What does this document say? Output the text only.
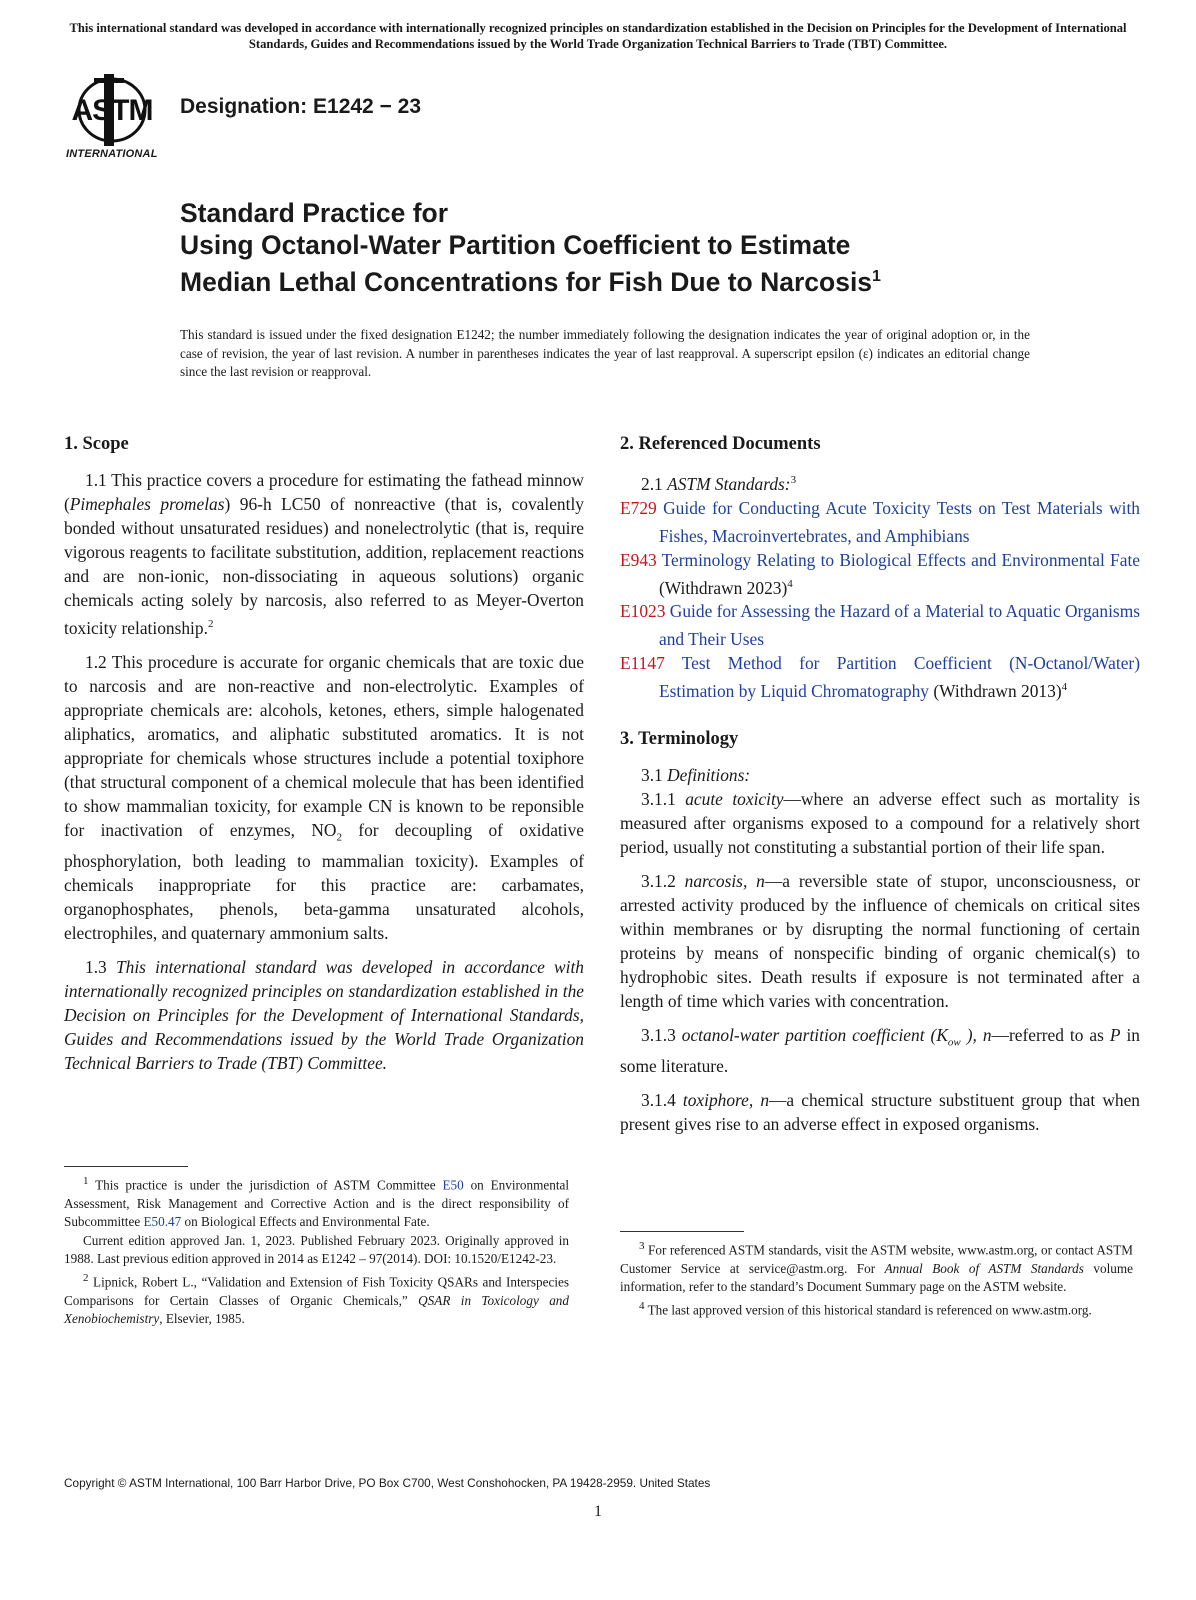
This international standard was developed in accordance with internationally recognized principles on standardization established in the Decision on Principles for the Development of International Standards, Guides and Recommendations issued by the World Trade Organization Technical Barriers to Trade (TBT) Committee.
ASTM
INTERNATIONAL
Designation: E1242 − 23
Standard Practice for
Using Octanol-Water Partition Coefficient to Estimate
Median Lethal Concentrations for Fish Due to Narcosis$^1$

This standard is issued under the fixed designation E1242; the number immediately following the designation indicates the year of original adoption or, in the case of revision, the year of last revision. A number in parentheses indicates the year of last reapproval. A superscript epsilon (ε) indicates an editorial change since the last revision or reapproval.

1. Scope

1.1 This practice covers a procedure for estimating the fathead minnow (Pimephales promelas) 96-h LC50 of nonreactive (that is, covalently bonded without unsaturated residues) and nonelectrolytic (that is, require vigorous reagents to facilitate substitution, addition, replacement reactions and are non-ionic, non-dissociating in aqueous solutions) organic chemicals acting solely by narcosis, also referred to as Meyer-Overton toxicity relationship.$^2$

1.2 This procedure is accurate for organic chemicals that are toxic due to narcosis and are non-reactive and non-electrolytic. Examples of appropriate chemicals are: alcohols, ketones, ethers, simple halogenated aliphatics, aromatics, and aliphatic substituted aromatics. It is not appropriate for chemicals whose structures include a potential toxiphore (that structural component of a chemical molecule that has been identified to show mammalian toxicity, for example CN is known to be reponsible for inactivation of enzymes, $NO_2$ for decoupling of oxidative phosphorylation, both leading to mammalian toxicity). Examples of chemicals inappropriate for this practice are: carbamates, organophosphates, phenols, beta-gamma unsaturated alcohols, electrophiles, and quaternary ammonium salts.

1.3 This international standard was developed in accordance with internationally recognized principles on standardization established in the Decision on Principles for the Development of International Standards, Guides and Recommendations issued by the World Trade Organization Technical Barriers to Trade (TBT) Committee.

$^1$ This practice is under the jurisdiction of ASTM Committee E50 on Environmental Assessment, Risk Management and Corrective Action and is the direct responsibility of Subcommittee E50.47 on Biological Effects and Environmental Fate.

Current edition approved Jan. 1, 2023. Published February 2023. Originally approved in 1988. Last previous edition approved in 2014 as E1242 – 97(2014). DOI: 10.1520/E1242-23.

$^2$ Lipnick, Robert L., “Validation and Extension of Fish Toxicity QSARs and Interspecies Comparisons for Certain Classes of Organic Chemicals,” QSAR in Toxicology and Xenobiochemistry, Elsevier, 1985.

2. Referenced Documents

2.1 ASTM Standards:$^3$

E729 Guide for Conducting Acute Toxicity Tests on Test Materials with Fishes, Macroinvertebrates, and Amphibians

E943 Terminology Relating to Biological Effects and Environmental Fate (Withdrawn 2023)$^4$

E1023 Guide for Assessing the Hazard of a Material to Aquatic Organisms and Their Uses

E1147 Test Method for Partition Coefficient (N-Octanol/Water) Estimation by Liquid Chromatography (Withdrawn 2013)$^4$

3. Terminology

3.1 Definitions:

3.1.1 acute toxicity—where an adverse effect such as mortality is measured after organisms exposed to a compound for a relatively short period, usually not constituting a substantial portion of their life span.

3.1.2 narcosis, n—a reversible state of stupor, unconsciousness, or arrested activity produced by the influence of chemicals on critical sites within membranes or by disrupting the normal functioning of certain proteins by means of nonspecific binding of organic chemical(s) to hydrophobic sites. Death results if exposure is not terminated after a length of time which varies with concentration.

3.1.3 octanol-water partition coefficient ($K_{ow}$ ), n—referred to as P in some literature.

3.1.4 toxiphore, n—a chemical structure substituent group that when present gives rise to an adverse effect in exposed organisms.

$^3$ For referenced ASTM standards, visit the ASTM website, www.astm.org, or contact ASTM Customer Service at service@astm.org. For Annual Book of ASTM Standards volume information, refer to the standard’s Document Summary page on the ASTM website.

$^4$ The last approved version of this historical standard is referenced on www.astm.org.

Copyright © ASTM International, 100 Barr Harbor Drive, PO Box C700, West Conshohocken, PA 19428-2959. United States
1
